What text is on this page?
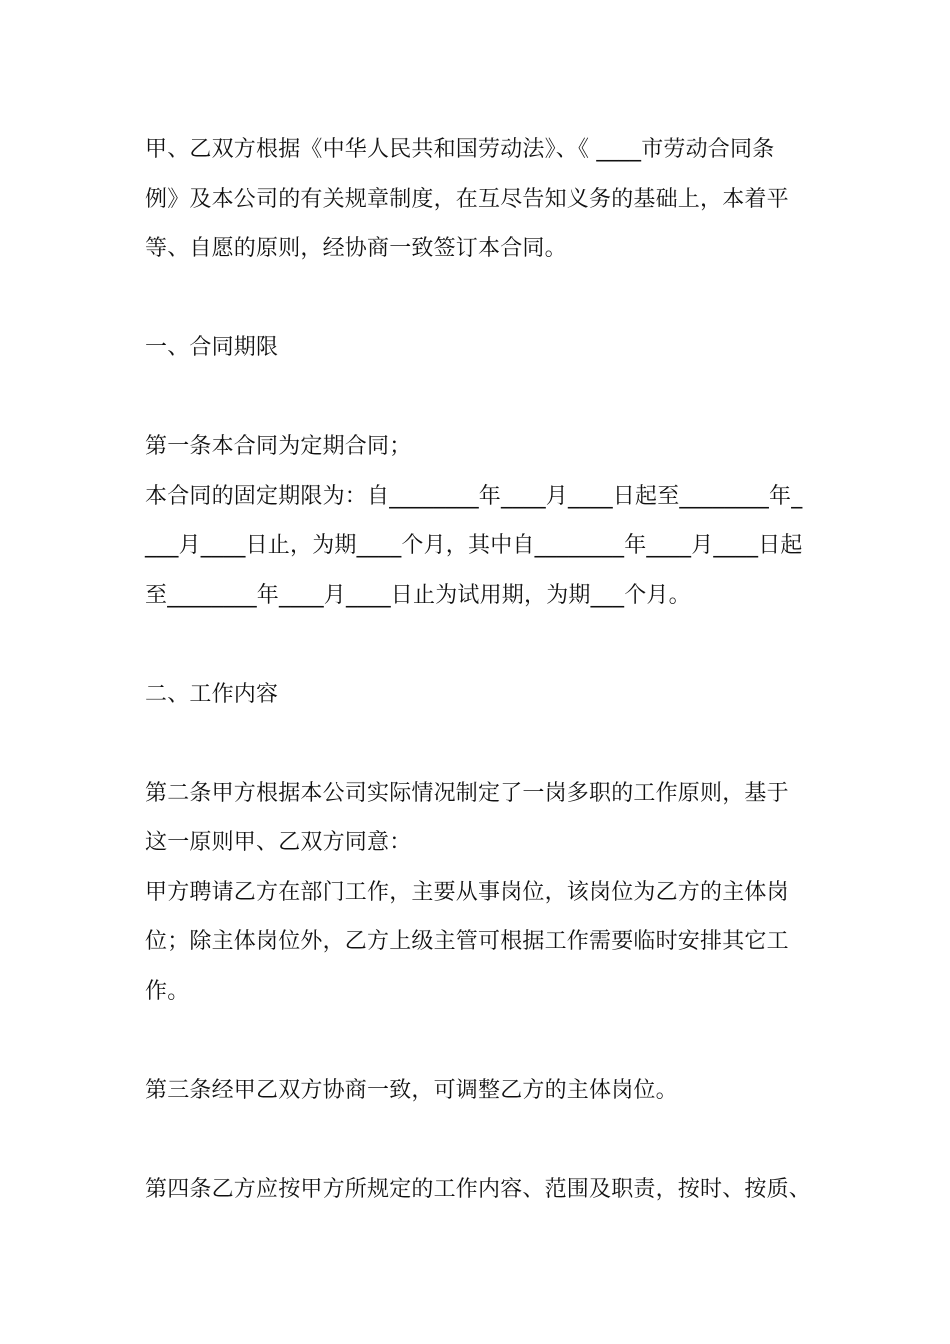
甲、乙双方根据《中华人民共和国劳动法》、《 ____市劳动合同条
例》及本公司的有关规章制度，在互尽告知义务的基础上，本着平
等、自愿的原则，经协商一致签订本合同。

一、合同期限

第一条本合同为定期合同；
本合同的固定期限为：自________年____月____日起至________年_
___月____日止，为期____个月，其中自________年____月____日起
至________年____月____日止为试用期，为期___个月。

二、工作内容

第二条甲方根据本公司实际情况制定了一岗多职的工作原则，基于
这一原则甲、乙双方同意：
甲方聘请乙方在部门工作，主要从事岗位，该岗位为乙方的主体岗
位；除主体岗位外，乙方上级主管可根据工作需要临时安排其它工
作。

第三条经甲乙双方协商一致，可调整乙方的主体岗位。

第四条乙方应按甲方所规定的工作内容、范围及职责，按时、按质、
